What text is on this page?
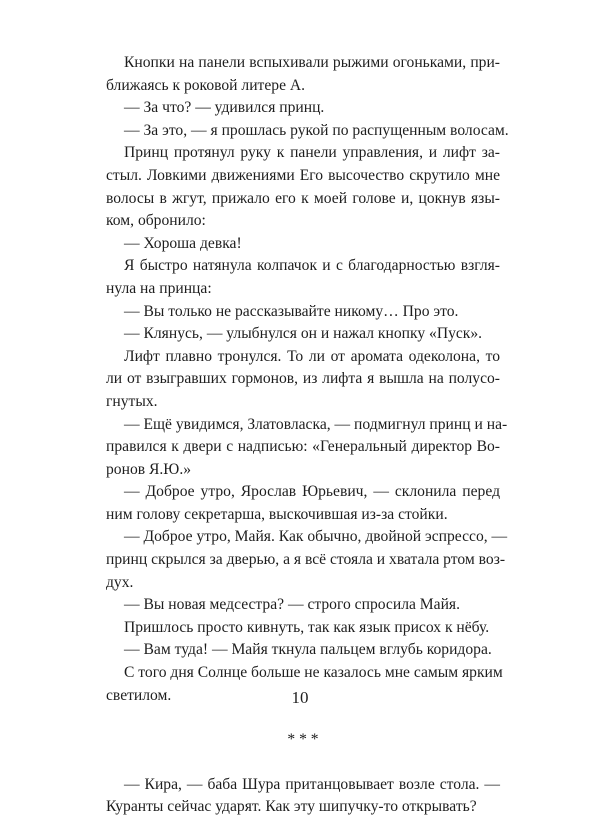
Кнопки на панели вспыхивали рыжими огоньками, при-
ближаясь к роковой литере А.
— За что? — удивился принц.
— За это, — я прошлась рукой по распущенным волосам.
Принц протянул руку к панели управления, и лифт за-
стыл. Ловкими движениями Его высочество скрутило мне
волосы в жгут, прижало его к моей голове и, цокнув язы-
ком, обронило:
— Хороша девка!
Я быстро натянула колпачок и с благодарностью взгля-
нула на принца:
— Вы только не рассказывайте никому… Про это.
— Клянусь, — улыбнулся он и нажал кнопку «Пуск».
Лифт плавно тронулся. То ли от аромата одеколона, то
ли от взыгравших гормонов, из лифта я вышла на полусо-
гнутых.
— Ещё увидимся, Златовласка, — подмигнул принц и на-
правился к двери с надписью: «Генеральный директор Во-
ронов Я.Ю.»
— Доброе утро, Ярослав Юрьевич, — склонила перед
ним голову секретарша, выскочившая из-за стойки.
— Доброе утро, Майя. Как обычно, двойной эспрессо, —
принц скрылся за дверью, а я всё стояла и хватала ртом воз-
дух.
— Вы новая медсестра? — строго спросила Майя.
Пришлось просто кивнуть, так как язык присох к нёбу.
— Вам туда! — Майя ткнула пальцем вглубь коридора.
С того дня Солнце больше не казалось мне самым ярким
светилом.
* * *
— Кира, — баба Шура пританцовывает возле стола. —
Куранты сейчас ударят. Как эту шипучку-то открывать?
10
